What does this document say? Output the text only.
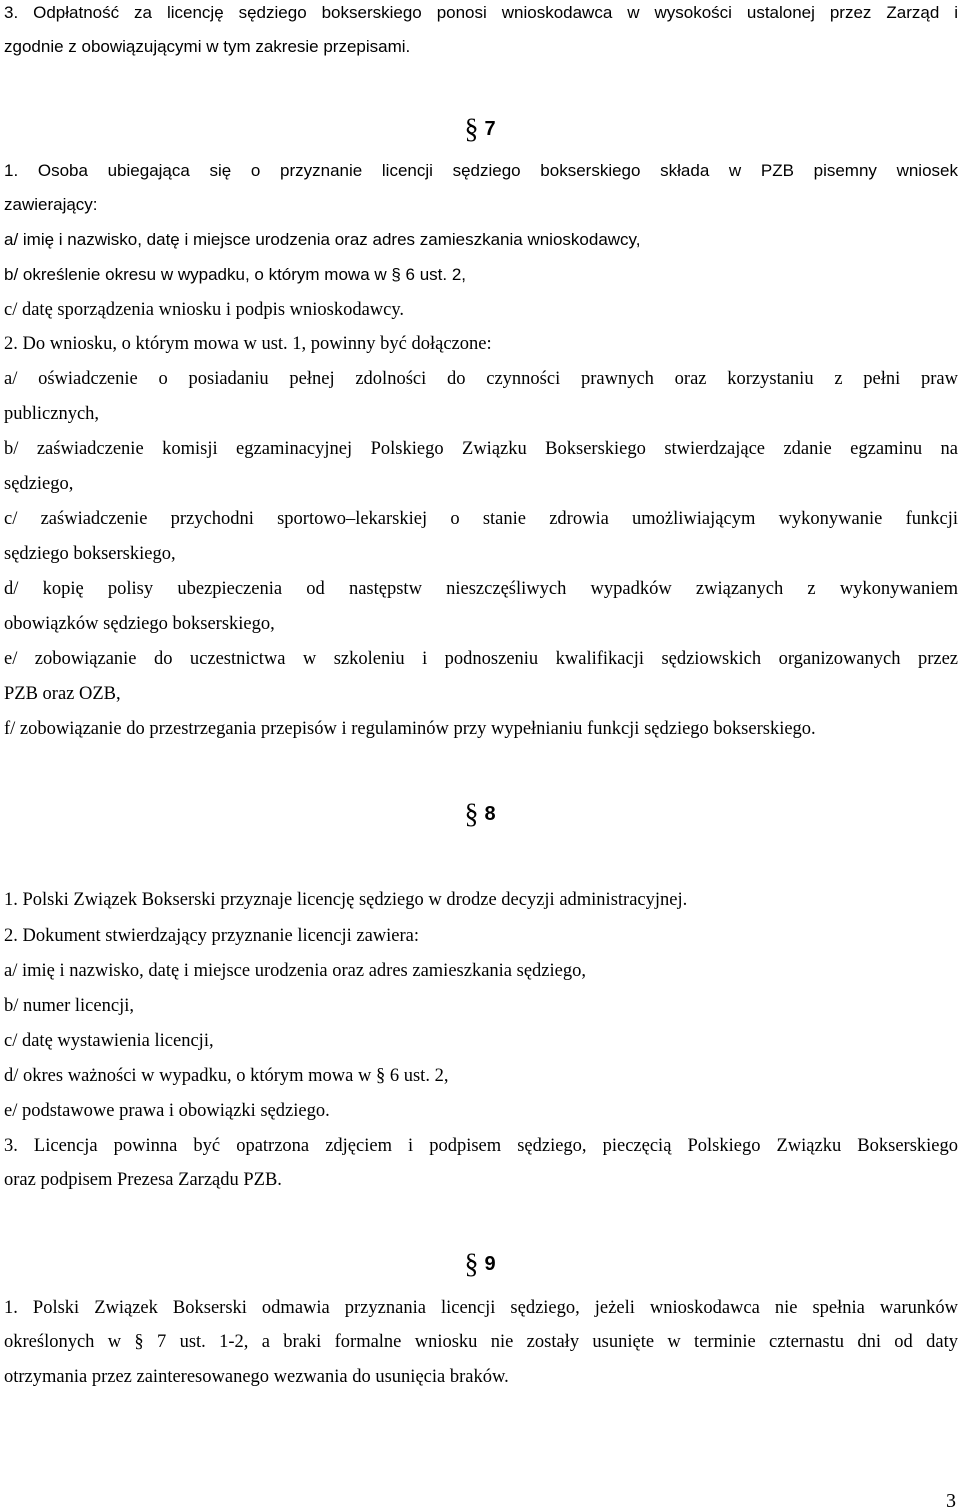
3. Odpłatność za licencję sędziego bokserskiego ponosi wnioskodawca w wysokości ustalonej przez Zarząd i
zgodnie z obowiązującymi w tym zakresie przepisami.
§ 7
1. Osoba ubiegająca się o przyznanie licencji sędziego bokserskiego składa w PZB pisemny wniosek
zawierający:
a/ imię i nazwisko, datę i miejsce urodzenia oraz adres zamieszkania wnioskodawcy,
b/ określenie okresu w wypadku, o którym mowa w § 6 ust. 2,
c/ datę sporządzenia wniosku i podpis wnioskodawcy.
2. Do wniosku, o którym mowa w ust. 1, powinny być dołączone:
a/ oświadczenie o posiadaniu pełnej zdolności do czynności prawnych oraz korzystaniu z pełni praw
publicznych,
b/ zaświadczenie komisji egzaminacyjnej Polskiego Związku Bokserskiego stwierdzające zdanie egzaminu na
sędziego,
c/ zaświadczenie przychodni sportowo–lekarskiej o stanie zdrowia umożliwiającym wykonywanie funkcji
sędziego bokserskiego,
d/ kopię polisy ubezpieczenia od następstw nieszczęśliwych wypadków związanych z wykonywaniem
obowiązków sędziego bokserskiego,
e/ zobowiązanie do uczestnictwa w szkoleniu i podnoszeniu kwalifikacji sędziowskich organizowanych przez
PZB oraz OZB,
f/ zobowiązanie do przestrzegania przepisów i regulaminów przy wypełnianiu funkcji sędziego bokserskiego.
§ 8
1. Polski Związek Bokserski przyznaje licencję sędziego w drodze decyzji administracyjnej.
2. Dokument stwierdzający przyznanie licencji zawiera:
a/ imię i nazwisko, datę i miejsce urodzenia oraz adres zamieszkania sędziego,
b/ numer licencji,
c/ datę wystawienia licencji,
d/ okres ważności w wypadku, o którym mowa w § 6 ust. 2,
e/ podstawowe prawa i obowiązki sędziego.
3. Licencja powinna być opatrzona zdjęciem i podpisem sędziego, pieczęcią Polskiego Związku Bokserskiego
oraz podpisem Prezesa Zarządu PZB.
§ 9
1. Polski Związek Bokserski odmawia przyznania licencji sędziego, jeżeli wnioskodawca nie spełnia warunków
określonych w § 7 ust. 1-2, a braki formalne wniosku nie zostały usunięte w terminie czternastu dni od daty
otrzymania przez zainteresowanego wezwania do usunięcia braków.
3
